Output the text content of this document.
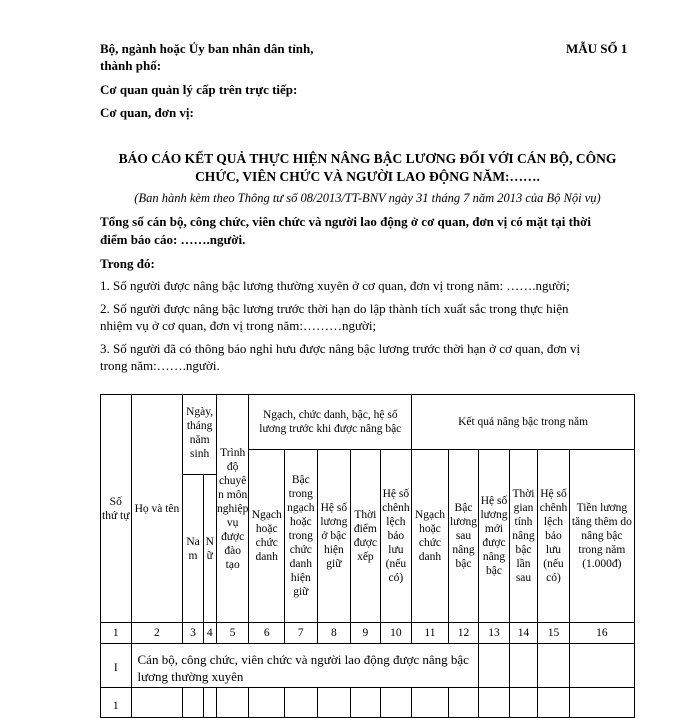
Bộ, ngành hoặc Ủy ban nhân dân tỉnh,
thành phố:
MẪU SỐ 1
Cơ quan quản lý cấp trên trực tiếp:
Cơ quan, đơn vị:
BÁO CÁO KẾT QUẢ THỰC HIỆN NÂNG BẬC LƯƠNG ĐỐI VỚI CÁN BỘ, CÔNG
CHỨC, VIÊN CHỨC VÀ NGƯỜI LAO ĐỘNG NĂM:…….
(Ban hành kèm theo Thông tư số 08/2013/TT-BNV ngày 31 tháng 7 năm 2013 của Bộ Nội vụ)
Tổng số cán bộ, công chức, viên chức và người lao động ở cơ quan, đơn vị có mặt tại thời
điểm báo cáo: …….người.
Trong đó:
1. Số người được nâng bậc lương thường xuyên ở cơ quan, đơn vị trong năm: …….người;
2. Số người được nâng bậc lương trước thời hạn do lập thành tích xuất sắc trong thực hiện
nhiệm vụ ở cơ quan, đơn vị trong năm:………người;
3. Số người đã có thông báo nghỉ hưu được nâng bậc lương trước thời hạn ở cơ quan, đơn vị
trong năm:…….người.
Số thứ tự	Họ và tên	Ngày, tháng năm sinh		Trình độ chuyên môn nghiệp vụ được đào tạo	Ngạch, chức danh, bậc, hệ số lương trước khi được nâng bậc					Kết quả nâng bậc trong năm					
					Ngạch hoặc chức danh	Bậc trong ngạch hoặc trong chức danh hiện giữ	Hệ số lương ở bậc hiện giữ	Thời điểm được xếp	Hệ số chênh lệch bảo lưu (nếu có)	Ngạch hoặc chức danh	Bậc lương sau nâng bậc	Hệ số lương mới được nâng bậc	Thời gian tính nâng bậc lần sau	Hệ số chênh lệch bảo lưu (nếu có)	Tiền lương tăng thêm do nâng bậc trong năm (1.000đ)
		Nam	Nữ												
1	2	3	4	5	6	7	8	9	10	11	12	13	14	15	16
I	Cán bộ, công chức, viên chức và người lao động được nâng bậc lương thường xuyên														
1															
